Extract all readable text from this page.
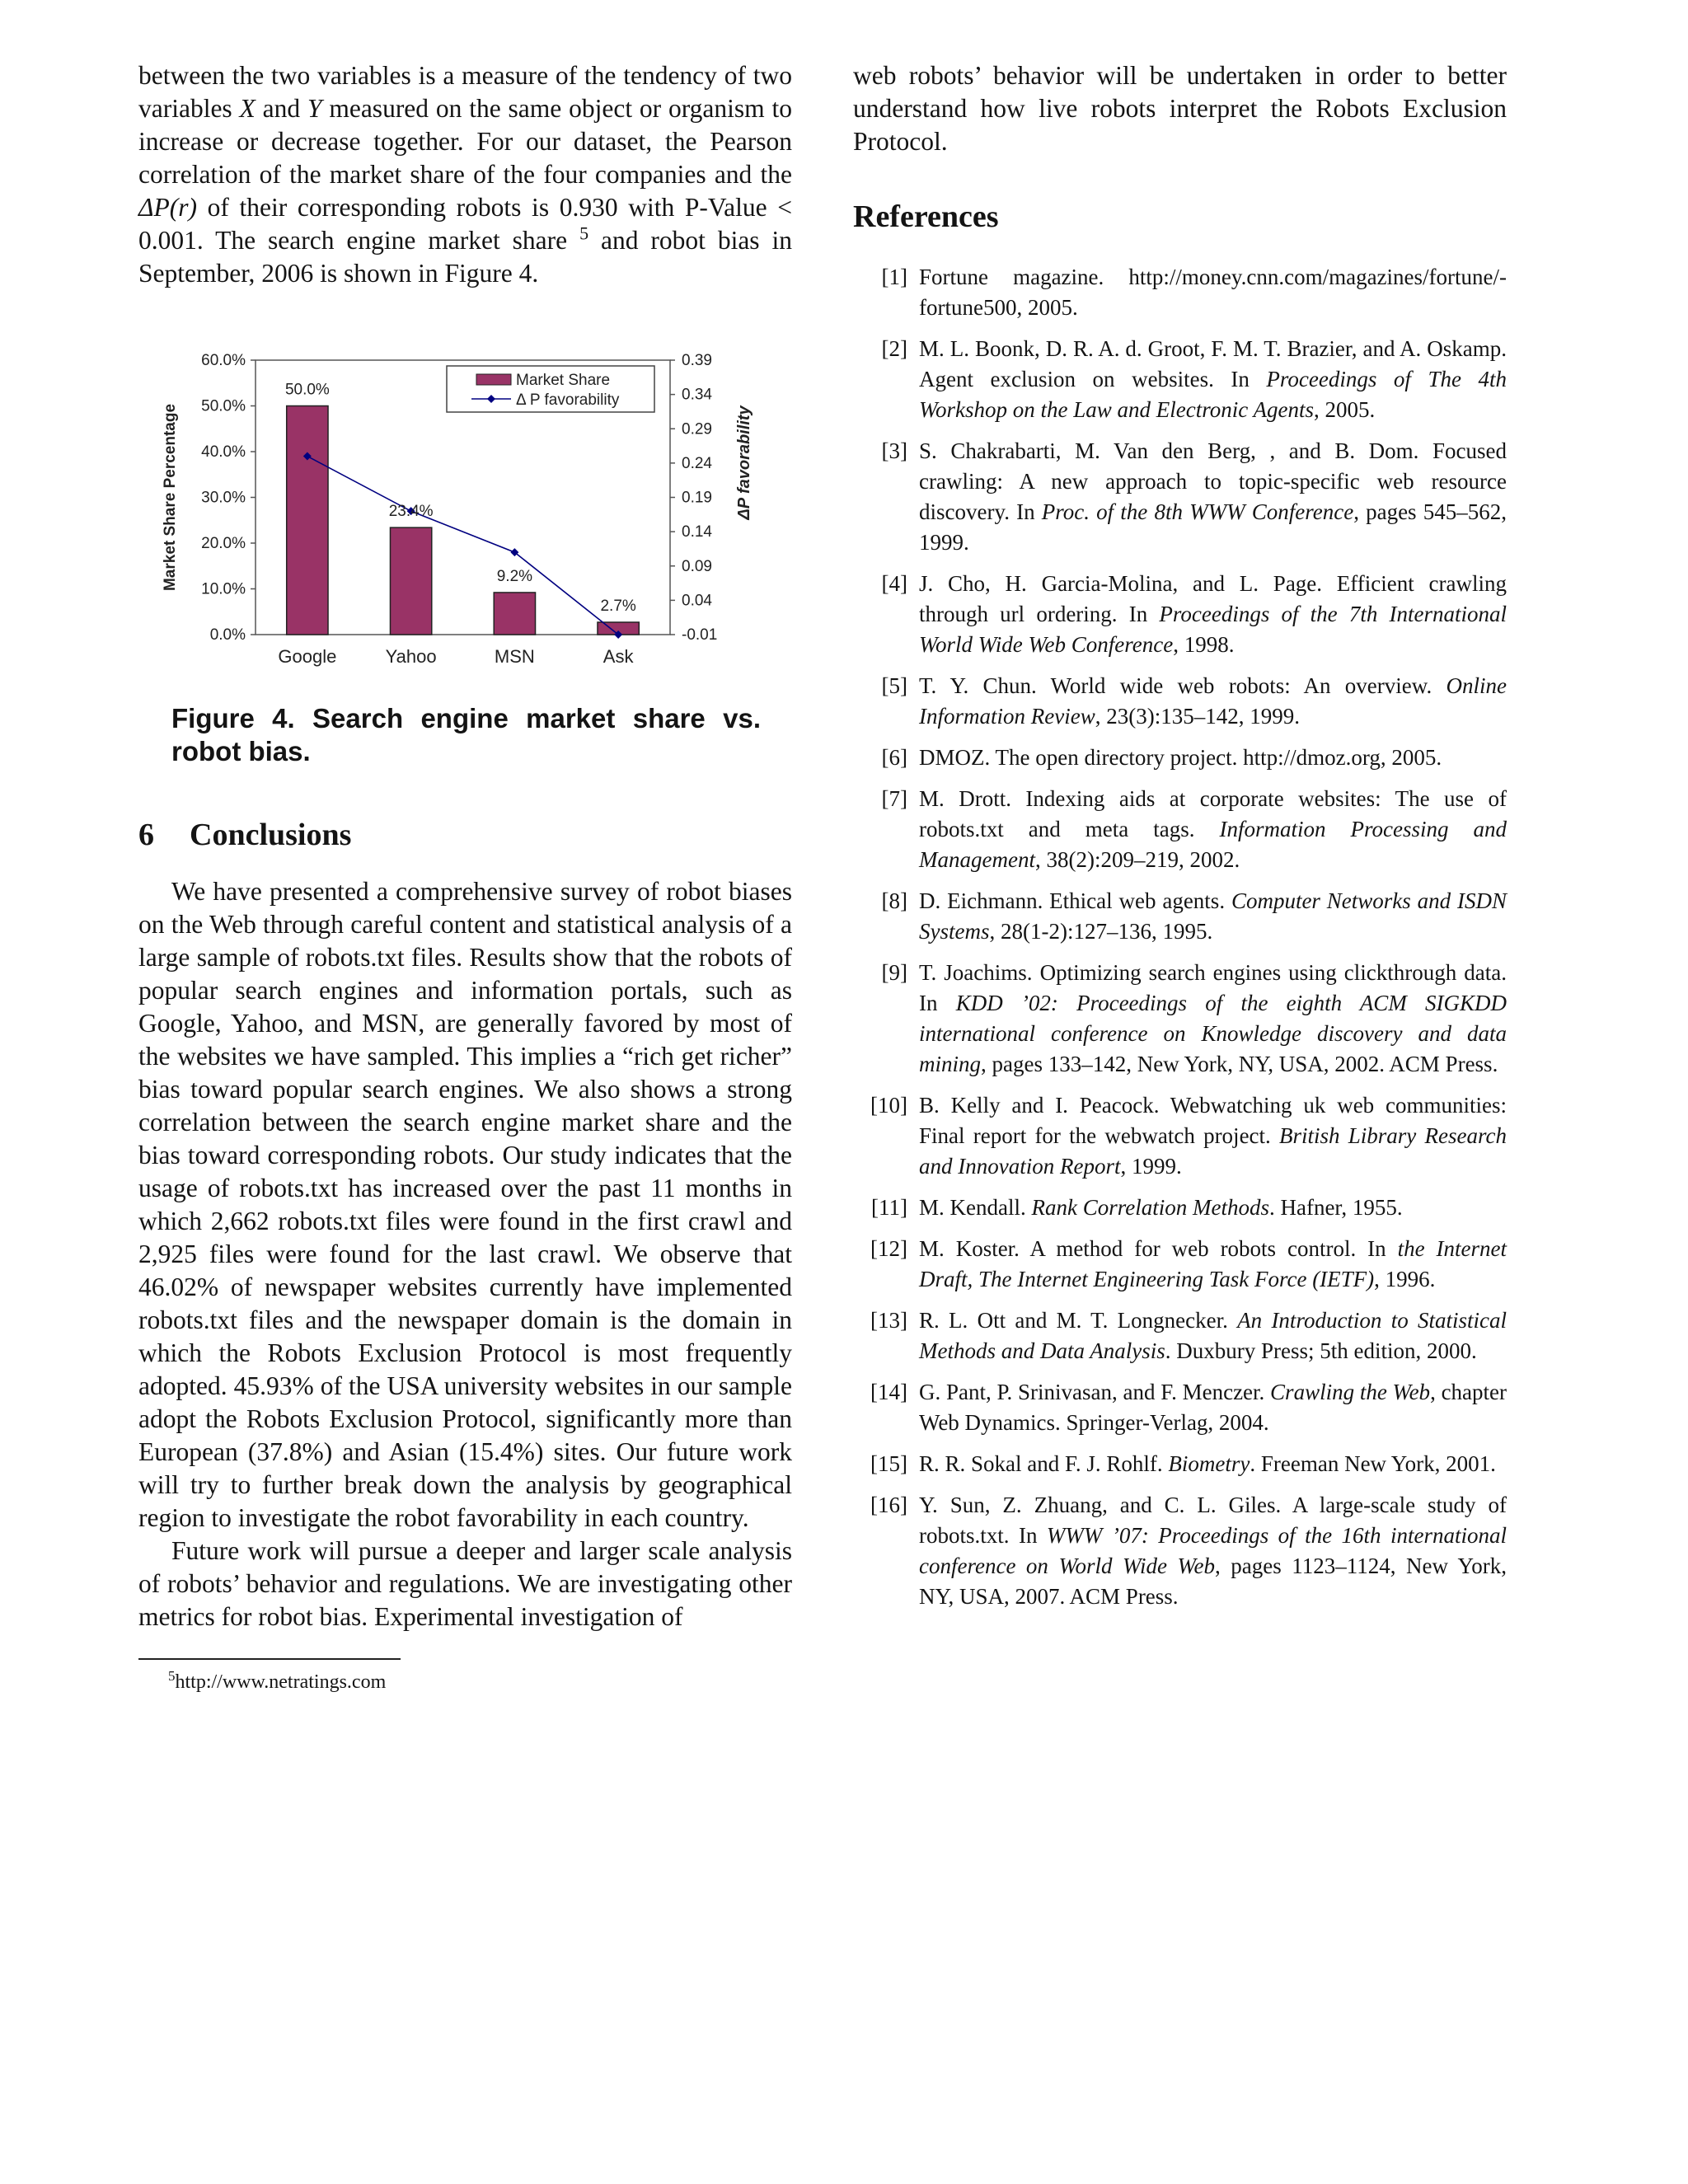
between the two variables is a measure of the tendency of two variables X and Y measured on the same object or organism to increase or decrease together. For our dataset, the Pearson correlation of the market share of the four companies and the ΔP(r) of their corresponding robots is 0.930 with P-Value < 0.001. The search engine market share $^5$ and robot bias in September, 2006 is shown in Figure 4.

0.0%
10.0%
20.0%
30.0%
40.0%
50.0%
60.0%
-0.01
0.04
0.09
0.14
0.19
0.24
0.29
0.34
0.39
Market Share Percentage	ΔP favorability
50.0%
Google
23.4%
Yahoo
9.2%
MSN
2.7%
Ask
Market Share
Δ P favorability
Figure 4. Search engine market share vs. robot bias.
6 Conclusions

We have presented a comprehensive survey of robot biases on the Web through careful content and statistical analysis of a large sample of robots.txt files. Results show that the robots of popular search engines and information portals, such as Google, Yahoo, and MSN, are generally favored by most of the websites we have sampled. This implies a “rich get richer” bias toward popular search engines. We also shows a strong correlation between the search engine market share and the bias toward corresponding robots. Our study indicates that the usage of robots.txt has increased over the past 11 months in which 2,662 robots.txt files were found in the first crawl and 2,925 files were found for the last crawl. We observe that 46.02% of newspaper websites currently have implemented robots.txt files and the newspaper domain is the domain in which the Robots Exclusion Protocol is most frequently adopted. 45.93% of the USA university websites in our sample adopt the Robots Exclusion Protocol, significantly more than European (37.8%) and Asian (15.4%) sites. Our future work will try to further break down the analysis by geographical region to investigate the robot favorability in each country.

Future work will pursue a deeper and larger scale analysis of robots’ behavior and regulations. We are investigating other metrics for robot bias. Experimental investigation of

$^5$http://www.netratings.com

web robots’ behavior will be undertaken in order to better understand how live robots interpret the Robots Exclusion Protocol.

References
[1] Fortune magazine. http://money.cnn.com/magazines/fortune/-fortune500, 2005.
[2] M. L. Boonk, D. R. A. d. Groot, F. M. T. Brazier, and A. Oskamp. Agent exclusion on websites. In Proceedings of The 4th Workshop on the Law and Electronic Agents, 2005.
[3] S. Chakrabarti, M. Van den Berg, , and B. Dom. Focused crawling: A new approach to topic-specific web resource discovery. In Proc. of the 8th WWW Conference, pages 545–562, 1999.
[4] J. Cho, H. Garcia-Molina, and L. Page. Efficient crawling through url ordering. In Proceedings of the 7th International World Wide Web Conference, 1998.
[5] T. Y. Chun. World wide web robots: An overview. Online Information Review, 23(3):135–142, 1999.
[6] DMOZ. The open directory project. http://dmoz.org, 2005.
[7] M. Drott. Indexing aids at corporate websites: The use of robots.txt and meta tags. Information Processing and Management, 38(2):209–219, 2002.
[8] D. Eichmann. Ethical web agents. Computer Networks and ISDN Systems, 28(1-2):127–136, 1995.
[9] T. Joachims. Optimizing search engines using clickthrough data. In KDD ’02: Proceedings of the eighth ACM SIGKDD international conference on Knowledge discovery and data mining, pages 133–142, New York, NY, USA, 2002. ACM Press.
[10] B. Kelly and I. Peacock. Webwatching uk web communities: Final report for the webwatch project. British Library Research and Innovation Report, 1999.
[11] M. Kendall. Rank Correlation Methods. Hafner, 1955.
[12] M. Koster. A method for web robots control. In the Internet Draft, The Internet Engineering Task Force (IETF), 1996.
[13] R. L. Ott and M. T. Longnecker. An Introduction to Statistical Methods and Data Analysis. Duxbury Press; 5th edition, 2000.
[14] G. Pant, P. Srinivasan, and F. Menczer. Crawling the Web, chapter Web Dynamics. Springer-Verlag, 2004.
[15] R. R. Sokal and F. J. Rohlf. Biometry. Freeman New York, 2001.
[16] Y. Sun, Z. Zhuang, and C. L. Giles. A large-scale study of robots.txt. In WWW ’07: Proceedings of the 16th international conference on World Wide Web, pages 1123–1124, New York, NY, USA, 2007. ACM Press.
